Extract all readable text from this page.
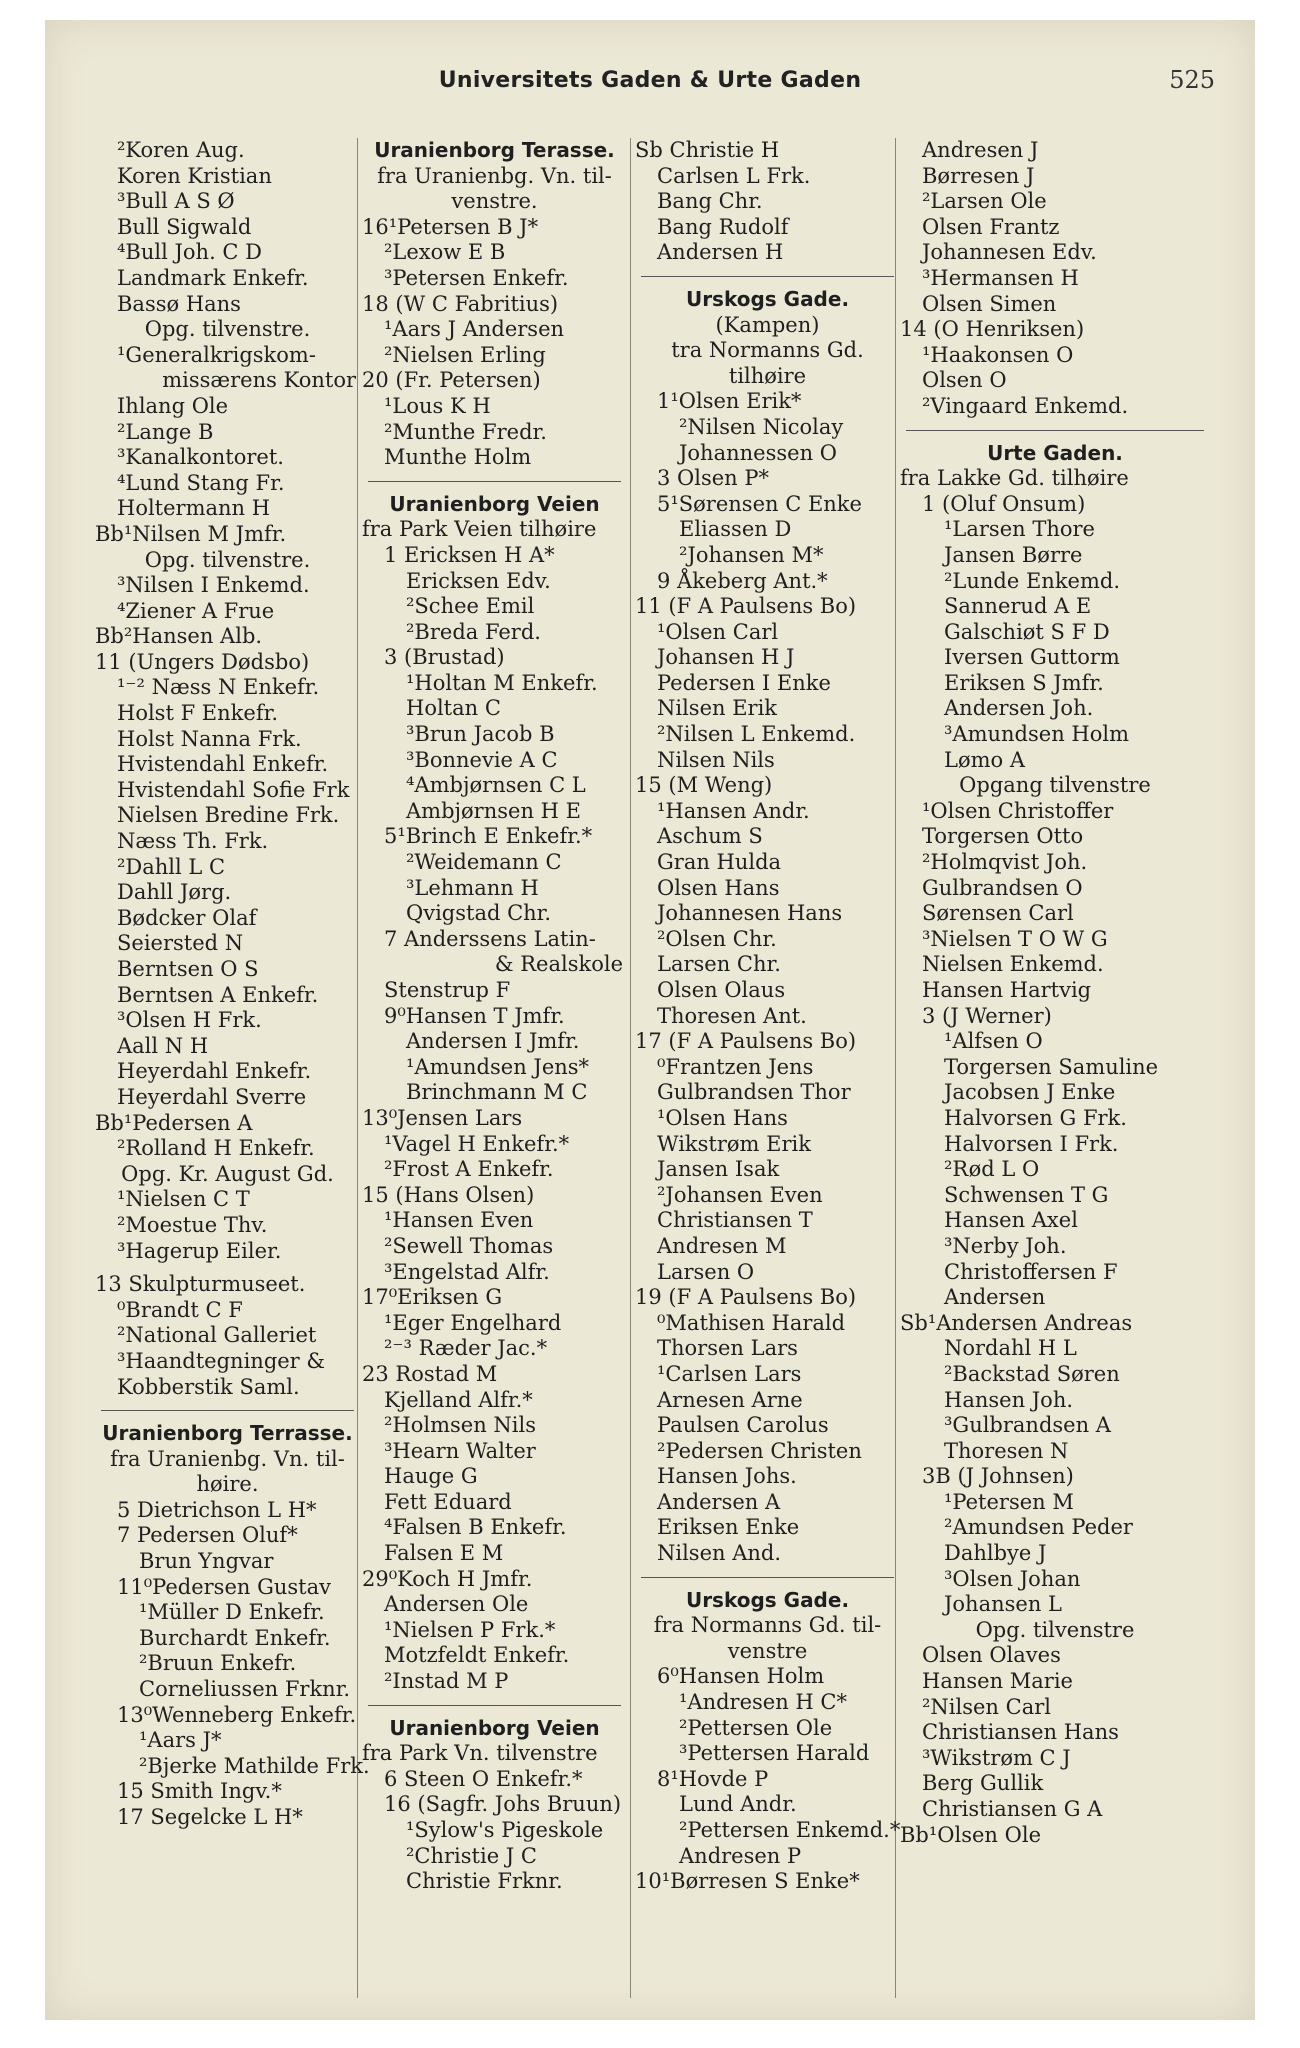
Universitets Gaden & Urte Gaden	525
²Koren Aug.
Koren Kristian
³Bull A S Ø
Bull Sigwald
⁴Bull Joh. C D
Landmark Enkefr.
Bassø Hans
Opg. tilvenstre.
¹Generalkrigskom-
missærens Kontor
Ihlang Ole
²Lange B
³Kanalkontoret.
⁴Lund Stang Fr.
Holtermann H
Bb¹Nilsen M Jmfr.
Opg. tilvenstre.
³Nilsen I Enkemd.
⁴Ziener A Frue
Bb²Hansen Alb.
11 (Ungers Dødsbo)
¹⁻² Næss N Enkefr.
Holst F Enkefr.
Holst Nanna Frk.
Hvistendahl Enkefr.
Hvistendahl Sofie Frk
Nielsen Bredine Frk.
Næss Th. Frk.
²Dahll L C
Dahll Jørg.
Bødcker Olaf
Seiersted N
Berntsen O S
Berntsen A Enkefr.
³Olsen H Frk.
Aall N H
Heyerdahl Enkefr.
Heyerdahl Sverre
Bb¹Pedersen A
²Rolland H Enkefr.
Opg. Kr. August Gd.
¹Nielsen C T
²Moestue Thv.
³Hagerup Eiler.
13 Skulpturmuseet.
⁰Brandt C F
²National Galleriet
³Haandtegninger &
Kobberstik Saml.
Uranienborg Terrasse.
fra Uranienbg. Vn. til-
høire.
5 Dietrichson L H*
7 Pedersen Oluf*
Brun Yngvar
11⁰Pedersen Gustav
¹Müller D Enkefr.
Burchardt Enkefr.
²Bruun Enkefr.
Corneliussen Frknr.
13⁰Wenneberg Enkefr.
¹Aars J*
²Bjerke Mathilde Frk.
15 Smith Ingv.*
17 Segelcke L H*
Uranienborg Terasse.
fra Uranienbg. Vn. til-
venstre.
16¹Petersen B J*
²Lexow E B
³Petersen Enkefr.
18 (W C Fabritius)
¹Aars J Andersen
²Nielsen Erling
20 (Fr. Petersen)
¹Lous K H
²Munthe Fredr.
Munthe Holm
Uranienborg Veien
fra Park Veien tilhøire
1 Ericksen H A*
Ericksen Edv.
²Schee Emil
²Breda Ferd.
3 (Brustad)
¹Holtan M Enkefr.
Holtan C
³Brun Jacob B
³Bonnevie A C
⁴Ambjørnsen C L
Ambjørnsen H E
5¹Brinch E Enkefr.*
²Weidemann C
³Lehmann H
Qvigstad Chr.
7 Anderssens Latin-
& Realskole
Stenstrup F
9⁰Hansen T Jmfr.
Andersen I Jmfr.
¹Amundsen Jens*
Brinchmann M C
13⁰Jensen Lars
¹Vagel H Enkefr.*
²Frost A Enkefr.
15 (Hans Olsen)
¹Hansen Even
²Sewell Thomas
³Engelstad Alfr.
17⁰Eriksen G
¹Eger Engelhard
²⁻³ Ræder Jac.*
23 Rostad M
Kjelland Alfr.*
²Holmsen Nils
³Hearn Walter
Hauge G
Fett Eduard
⁴Falsen B Enkefr.
Falsen E M
29⁰Koch H Jmfr.
Andersen Ole
¹Nielsen P Frk.*
Motzfeldt Enkefr.
²Instad M P
Uranienborg Veien
fra Park Vn. tilvenstre
6 Steen O Enkefr.*
16 (Sagfr. Johs Bruun)
¹Sylow's Pigeskole
²Christie J C
Christie Frknr.
Sb Christie H
Carlsen L Frk.
Bang Chr.
Bang Rudolf
Andersen H
Urskogs Gade.
(Kampen)
tra Normanns Gd.
tilhøire
1¹Olsen Erik*
²Nilsen Nicolay
Johannessen O
3 Olsen P*
5¹Sørensen C Enke
Eliassen D
²Johansen M*
9 Åkeberg Ant.*
11 (F A Paulsens Bo)
¹Olsen Carl
Johansen H J
Pedersen I Enke
Nilsen Erik
²Nilsen L Enkemd.
Nilsen Nils
15 (M Weng)
¹Hansen Andr.
Aschum S
Gran Hulda
Olsen Hans
Johannesen Hans
²Olsen Chr.
Larsen Chr.
Olsen Olaus
Thoresen Ant.
17 (F A Paulsens Bo)
⁰Frantzen Jens
Gulbrandsen Thor
¹Olsen Hans
Wikstrøm Erik
Jansen Isak
²Johansen Even
Christiansen T
Andresen M
Larsen O
19 (F A Paulsens Bo)
⁰Mathisen Harald
Thorsen Lars
¹Carlsen Lars
Arnesen Arne
Paulsen Carolus
²Pedersen Christen
Hansen Johs.
Andersen A
Eriksen Enke
Nilsen And.
Urskogs Gade.
fra Normanns Gd. til-
venstre
6⁰Hansen Holm
¹Andresen H C*
²Pettersen Ole
³Pettersen Harald
8¹Hovde P
Lund Andr.
²Pettersen Enkemd.*
Andresen P
10¹Børresen S Enke*
Andresen J
Børresen J
²Larsen Ole
Olsen Frantz
Johannesen Edv.
³Hermansen H
Olsen Simen
14 (O Henriksen)
¹Haakonsen O
Olsen O
²Vingaard Enkemd.
Urte Gaden.
fra Lakke Gd. tilhøire
1 (Oluf Onsum)
¹Larsen Thore
Jansen Børre
²Lunde Enkemd.
Sannerud A E
Galschiøt S F D
Iversen Guttorm
Eriksen S Jmfr.
Andersen Joh.
³Amundsen Holm
Lømo A
Opgang tilvenstre
¹Olsen Christoffer
Torgersen Otto
²Holmqvist Joh.
Gulbrandsen O
Sørensen Carl
³Nielsen T O W G
Nielsen Enkemd.
Hansen Hartvig
3 (J Werner)
¹Alfsen O
Torgersen Samuline
Jacobsen J Enke
Halvorsen G Frk.
Halvorsen I Frk.
²Rød L O
Schwensen T G
Hansen Axel
³Nerby Joh.
Christoffersen F
Andersen
Sb¹Andersen Andreas
Nordahl H L
²Backstad Søren
Hansen Joh.
³Gulbrandsen A
Thoresen N
3B (J Johnsen)
¹Petersen M
²Amundsen Peder
Dahlbye J
³Olsen Johan
Johansen L
Opg. tilvenstre
Olsen Olaves
Hansen Marie
²Nilsen Carl
Christiansen Hans
³Wikstrøm C J
Berg Gullik
Christiansen G A
Bb¹Olsen Ole
